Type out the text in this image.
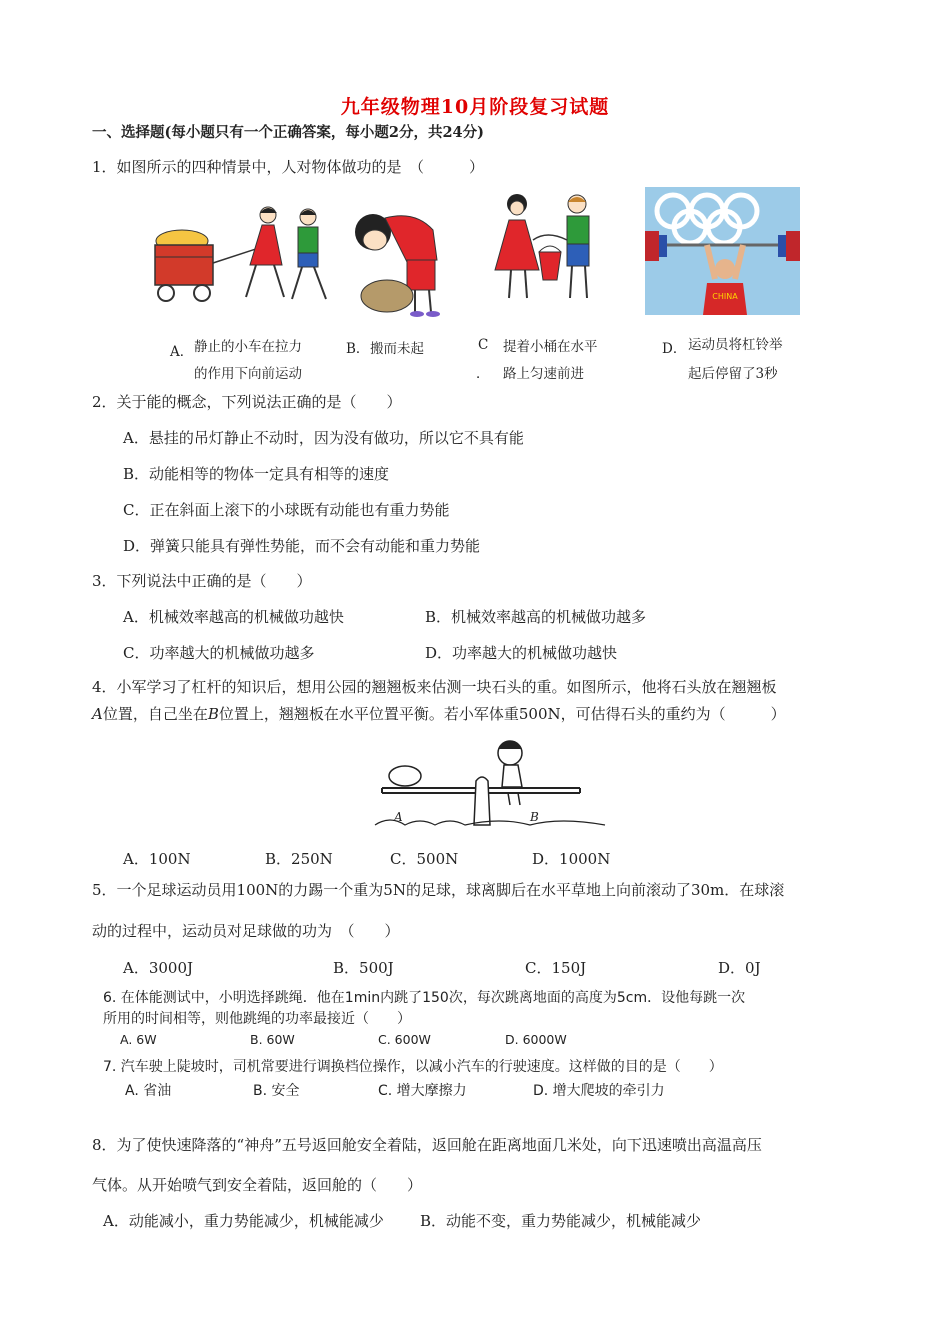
九年级物理10月阶段复习试题
一、选择题(每小题只有一个正确答案，每小题2分，共24分)
1．如图所示的四种情景中，人对物体做功的是　（　　　）
CHINA
A． 静止的小车在拉力
的作用下向前运动
B． 搬而未起	C
．
提着小桶在水平
路上匀速前进
D． 运动员将杠铃举
起后停留了3秒
2．关于能的概念，下列说法正确的是（　　）
A．悬挂的吊灯静止不动时，因为没有做功，所以它不具有能
B．动能相等的物体一定具有相等的速度
C．正在斜面上滚下的小球既有动能也有重力势能
D．弹簧只能具有弹性势能，而不会有动能和重力势能
3．下列说法中正确的是（　　）
A．机械效率越高的机械做功越快	B．机械效率越高的机械做功越多
C．功率越大的机械做功越多	D．功率越大的机械做功越快
4．小军学习了杠杆的知识后，想用公园的翘翘板来估测一块石头的重。如图所示，他将石头放在翘翘板
A位置，自己坐在B位置上，翘翘板在水平位置平衡。若小军体重500N，可估得石头的重约为（　　　）
A	B
A．100N	B．250N	C．500N	D．1000N
5．一个足球运动员用100N的力踢一个重为5N的足球，球离脚后在水平草地上向前滚动了30m．在球滚
动的过程中，运动员对足球做的功为　（　　）
A．3000J	B．500J	C．150J	D．0J
6. 在体能测试中，小明选择跳绳．他在1min内跳了150次，每次跳离地面的高度为5cm．设他每跳一次
所用的时间相等，则他跳绳的功率最接近（　　）
A. 6W	B. 60W	C. 600W	D. 6000W
7. 汽车驶上陡坡时，司机常要进行调换档位操作，以减小汽车的行驶速度。这样做的目的是（　　）
A. 省油	B. 安全	C. 增大摩擦力	D. 增大爬坡的牵引力
8．为了使快速降落的“神舟”五号返回舱安全着陆，返回舱在距离地面几米处，向下迅速喷出高温高压
气体。从开始喷气到安全着陆，返回舱的（　　）
A．动能减小，重力势能减少，机械能减少 B．动能不变，重力势能减少，机械能减少
